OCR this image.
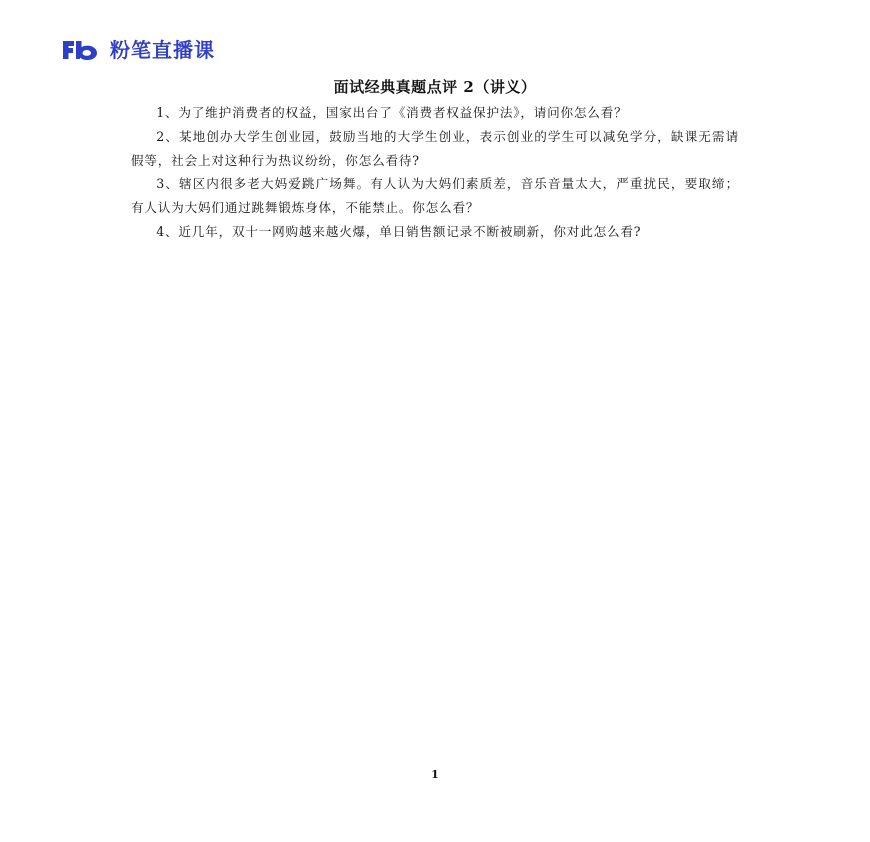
粉笔直播课
面试经典真题点评 2（讲义）

1、为了维护消费者的权益，国家出台了《消费者权益保护法》，请问你怎么看？

2、某地创办大学生创业园，鼓励当地的大学生创业，表示创业的学生可以减免学分，缺课无需请假等，社会上对这种行为热议纷纷，你怎么看待?

3、辖区内很多老大妈爱跳广场舞。有人认为大妈们素质差，音乐音量太大，严重扰民，要取缔；有人认为大妈们通过跳舞锻炼身体，不能禁止。你怎么看？

4、近几年，双十一网购越来越火爆，单日销售额记录不断被刷新，你对此怎么看?

1
